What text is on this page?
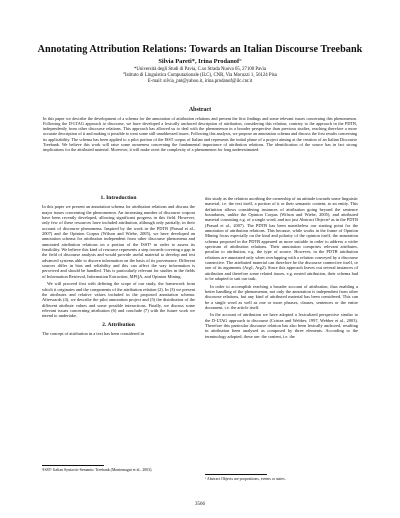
Annotating Attribution Relations: Towards an Italian Discourse Treebank
Silvia Pareti*, Irina Prodanof°
*Università degli Studi di Pavia, C.so Strada Nuova 65, 27100 Pavia
°Istituto di Linguistica Computazionale (ILC), CNR, Via Moruzzi 1, 56124 Pisa
E-mail: silvia_pnt@yahoo.it, irina.prodanof@ilc.cnr.it
Abstract
In this paper we describe the development of a schema for the annotation of attribution relations and present the first findings and some relevant issues concerning this phenomenon. Following the D-LTAG approach to discourse, we have developed a lexically anchored description of attribution, considering this relation, contrary to the approach in the PDTB, independently from other discourse relations. This approach has allowed us to deal with the phenomenon in a broader perspective than previous studies, reaching therefore a more accurate description of it and making it possible to treat some still unaddressed issues. Following this analysis, we propose an annotation schema and discuss the first results concerning its applicability. The schema has been applied to a pilot portion of the ISST corpus of Italian and represents the initial phase of a project aiming at the creation of an Italian Discourse Treebank. We believe this work will raise some awareness concerning the fundamental importance of attribution relations. The identification of the source has in fact strong implications for the attributed material. Moreover, it will make overt the complexity of a phenomenon for long underestimated.
1. Introduction

In this paper we present an annotation schema for attribution relations and discuss the major issues concerning the phenomenon. An increasing number of discourse corpora have been recently developed, allowing significant progress in this field. However, only few of these resources have included attribution, although only partially, in their account of discourse phenomena. Inspired by the work in the PDTB (Prasad et al., 2007) and the Opinion Corpus (Wilson and Wiebe, 2005), we have developed an annotation schema for attribution independent from other discourse phenomena and annotated attribution relations on a portion of the ISST¹ in order to assess its feasibility. We believe this kind of resource represents a step towards covering a gap in the field of discourse analysis and would provide useful material to develop and test advanced systems able to discern information on the basis of its provenance. Different sources differ in bias and reliability and this can affect the way information is perceived and should be handled. This is particularly relevant for studies in the fields of Information Retrieval, Information Extraction, MPQA, and Opinion Mining.

We will proceed first with defining the scope of our study, the framework from which it originates and the components of the attribution relation (2). In (3) we present the attributes and relative values included in the proposed annotation schema. Afterwards (4), we describe the pilot annotation project and (5) the distribution of the different attribute values and some possible interactions. Finally, we discuss some relevant issues concerning attribution (6) and conclude (7) with the future work we intend to undertake.

2. Attribution

The concept of attribution in a text has been considered in

¹ISST- Italian Syntactic-Semantic Treebank (Montemagni et al., 2003).

this study as the relation ascribing the ownership of an attitude towards some linguistic material, i.e. the text itself, a portion of it or their semantic content, to an entity. This definition allows considering instances of attribution going beyond the sentence boundaries, unlike the Opinion Corpus (Wilson and Wiebe, 2005), and attributed material consisting e.g. of a single word, and not just Abstract Objects² as in the PDTB (Prasad et al., 2007). The PDTB has been nonetheless our starting point for the annotation of attribution relations. This because, while works in the frame of Opinion Mining focus especially on the kind and polarity of the opinion itself, the annotation schema proposed in the PDTB appeared as more suitable in order to address a wider spectrum of attribution relations. Their annotation comprises relevant attributes, peculiar to attribution, e.g. the type of source. However, in the PDTB attribution relations are annotated only when overlapping with a relation conveyed by a discourse connective. The attributed material can therefore be the discourse connective itself, or one of its arguments (Arg1, Arg2). Since this approach leaves out several instances of attribution and therefore some related issues, e.g. nested attribution, their schema had to be adapted to suit our task.

In order to accomplish reaching a broader account of attribution, thus enabling a better handling of the phenomenon, not only the annotation is independent from other discourse relations, but any kind of attributed material has been considered. This can be a single word as well as one or more phrases, clauses, sentences or the entire document, i.e. the article itself.

In the account of attribution we have adopted a lexicalized perspective similar to the D-LTAG approach to discourse (Cristea and Webber, 1997, Webber et al., 2003). Therefore this particular discourse relation has also been lexically anchored, resulting in attribution been analysed as composed by three elements. According to the terminology adopted, these are: the content, i.e. the

² Abstract Objects are propositions, events or states.
3566
